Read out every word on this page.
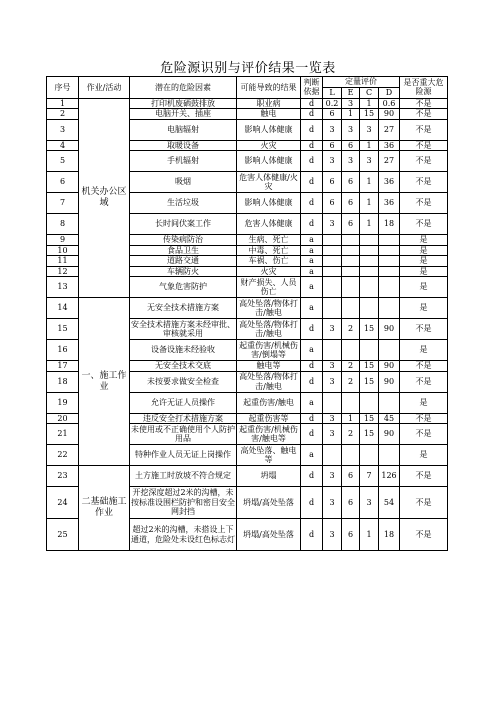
危险源识别与评价结果一览表
序号	作业/活动	潜在的危险因素	可能导致的结果	判断依据	定量评价				是否重大危险源
					L	E	C	D	
1	机关办公区域	打印机废硒鼓排放	职业病	d	0.2	3	1	0.6	不是
2		电脑开关、插座	触电	d	6	1	15	90	不是
3		电脑辐射	影响人体健康	d	3	3	3	27	不是
4		取暖设备	火灾	d	6	6	1	36	不是
5		手机辐射	影响人体健康	d	3	3	3	27	不是
6		吸烟	危害人体健康/火灾	d	6	6	1	36	不是
7		生活垃圾	影响人体健康	d	6	6	1	36	不是
8		长时间伏案工作	危害人体健康	d	3	6	1	18	不是
9		传染病防治	生病、死亡	a					是
10		食品卫生	中毒、死亡	a					是
11		道路交通	车祸、伤亡	a					是
12		车辆防火	火灾	a					是
13		气象危害防护	财产损失、人员伤亡	a					是
14	一、施工作业	无安全技术措施方案	高处坠落/物体打击/触电	a					是
15		安全技术措施方案未经审批、审核就采用	高处坠落/物体打击/触电	d	3	2	15	90	不是
16		设备设施未经验收	起重伤害/机械伤害/倒塌等	a					是
17		无安全技术交底	触电等	d	3	2	15	90	不是
18		未按要求做安全检查	高处坠落/物体打击/触电	d	3	2	15	90	不是
19		允许无证人员操作	起重伤害/触电	a					是
20		违反安全打术措施方案	起重伤害等	d	3	1	15	45	不是
21		未使用或不正确使用个人防护用品	起重伤害/机械伤害/触电等	d	3	2	15	90	不是
22		特种作业人员无证上岗操作	高处坠落、触电等	a					是
23	二基础施工作业	土方施工时放坡不符合规定	坍塌	d	3	6	7	126	不是
24		开挖深度超过2米的沟槽，未按标准设围栏防护和密目安全网封挡	坍塌/高处坠落	d	3	6	3	54	不是
25		超过2米的沟槽，未搭设上下通道，危险处未设红色标志灯	坍塌/高处坠落	d	3	6	1	18	不是
